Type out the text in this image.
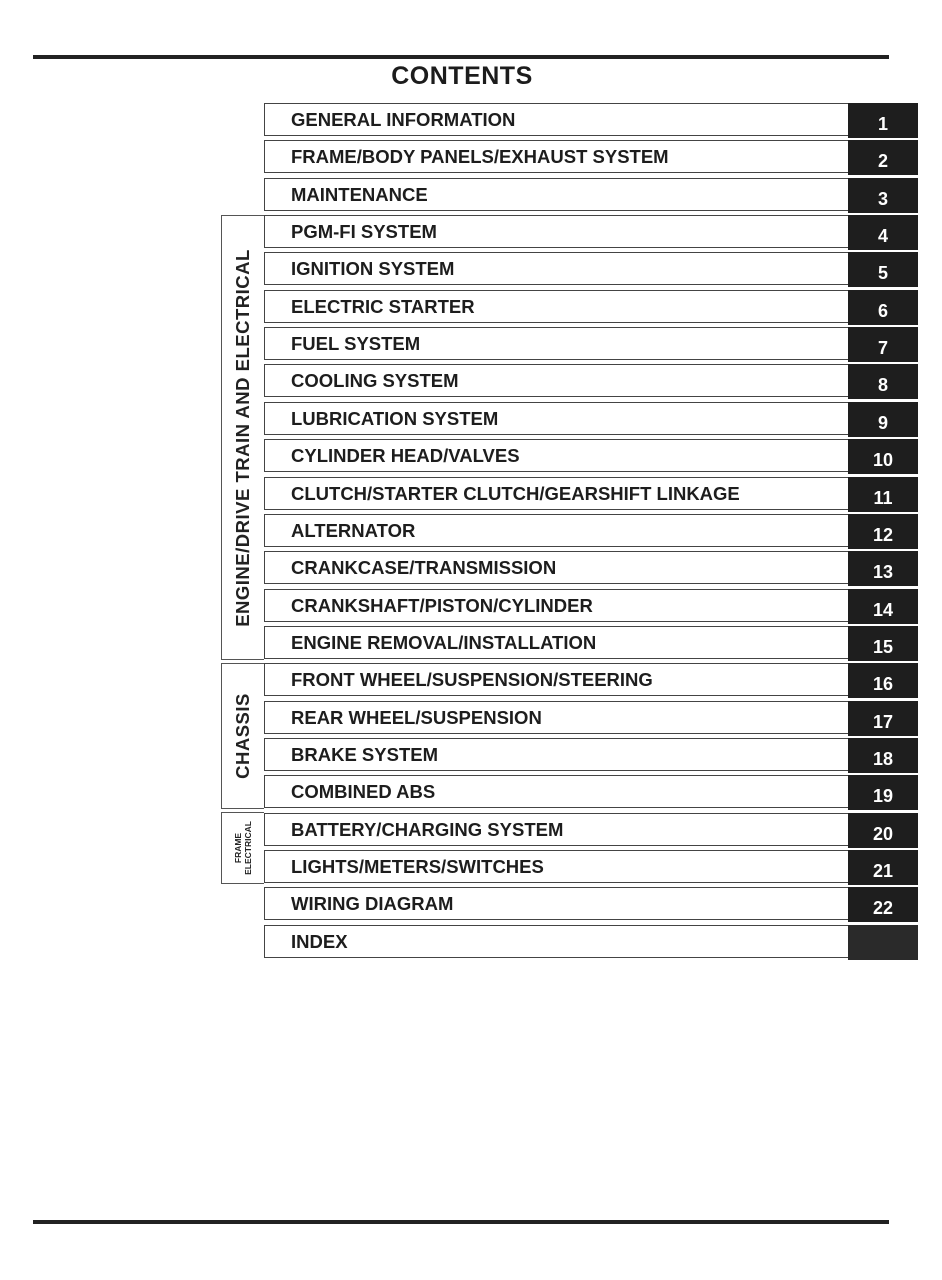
CONTENTS
ENGINE/DRIVE TRAIN AND ELECTRICAL
CHASSIS
FRAME ELECTRICAL
GENERAL INFORMATION	1
FRAME/BODY PANELS/EXHAUST SYSTEM	2
MAINTENANCE	3
PGM-FI SYSTEM	4
IGNITION SYSTEM	5
ELECTRIC STARTER	6
FUEL SYSTEM	7
COOLING SYSTEM	8
LUBRICATION SYSTEM	9
CYLINDER HEAD/VALVES	10
CLUTCH/STARTER CLUTCH/GEARSHIFT LINKAGE	11
ALTERNATOR	12
CRANKCASE/TRANSMISSION	13
CRANKSHAFT/PISTON/CYLINDER	14
ENGINE REMOVAL/INSTALLATION	15
FRONT WHEEL/SUSPENSION/STEERING	16
REAR WHEEL/SUSPENSION	17
BRAKE SYSTEM	18
COMBINED ABS	19
BATTERY/CHARGING SYSTEM	20
LIGHTS/METERS/SWITCHES	21
WIRING DIAGRAM	22
INDEX
